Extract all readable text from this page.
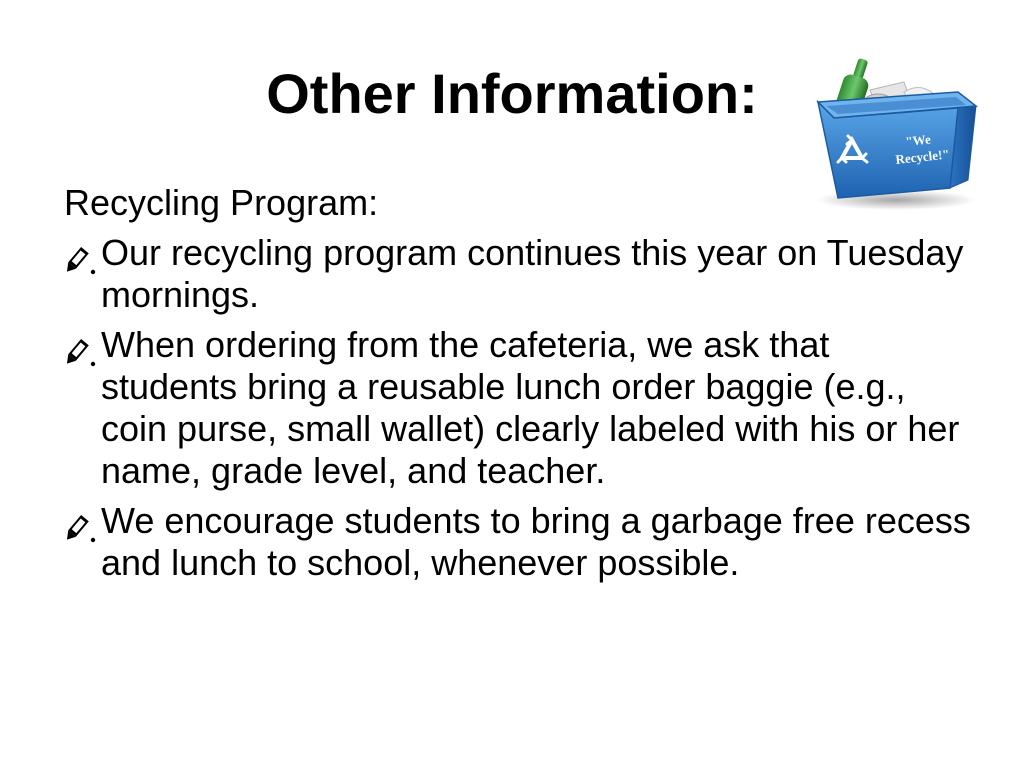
Other Information:
"We
Recycle!"

Recycling Program:

Our recycling program continues this year on Tuesday mornings.
When ordering from the cafeteria, we ask that students bring a reusable lunch order baggie (e.g., coin purse, small wallet) clearly labeled with his or her name, grade level, and teacher.
We encourage students to bring a garbage free recess and lunch to school, whenever possible.
